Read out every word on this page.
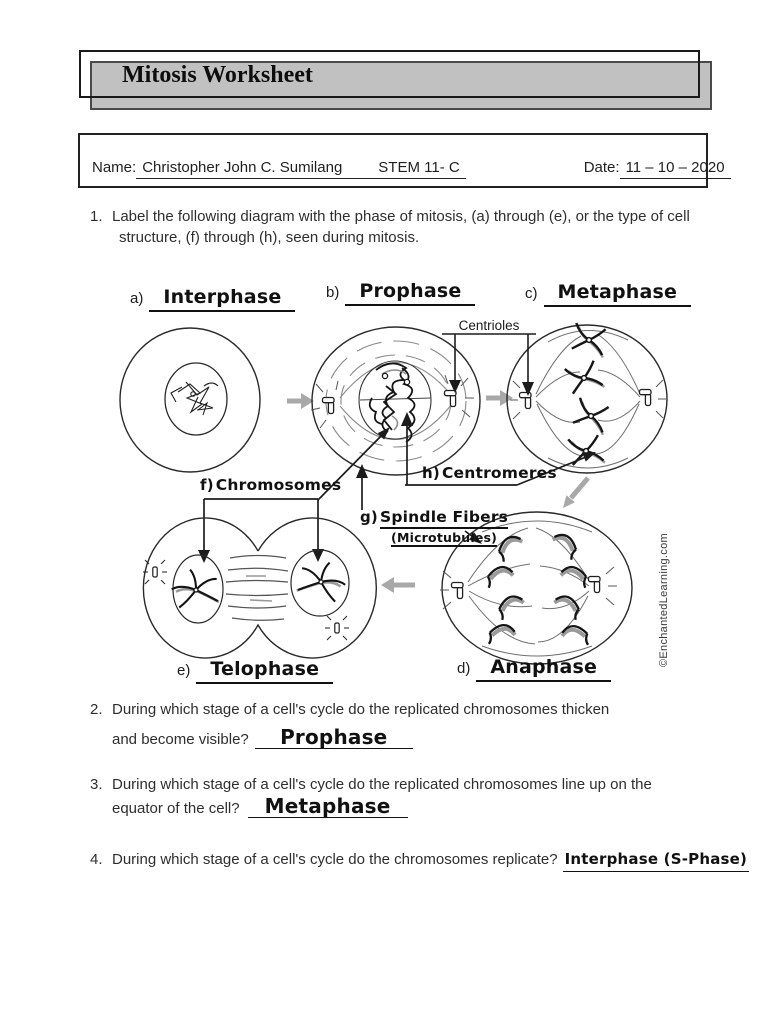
Mitosis Worksheet
Name: Christopher John C. Sumilang STEM 11- C	Date: 11 – 10 – 2020
1. Label the following diagram with the phase of mitosis, (a) through (e), or the type of cell
structure, (f) through (h), seen during mitosis.
a)	Interphase	b)	Prophase	c)	Metaphase
Centrioles
f) Chromosomes
g) Spindle Fibers
(Microtubules)
h) Centromeres
e)	Telophase	d)	Anaphase	©EnchantedLearning.com
2. During which stage of a cell's cycle do the replicated chromosomes thicken
and become visible?	Prophase
3. During which stage of a cell's cycle do the replicated chromosomes line up on the
equator of the cell?	Metaphase
4. During which stage of a cell's cycle do the chromosomes replicate? Interphase (S-Phase)
